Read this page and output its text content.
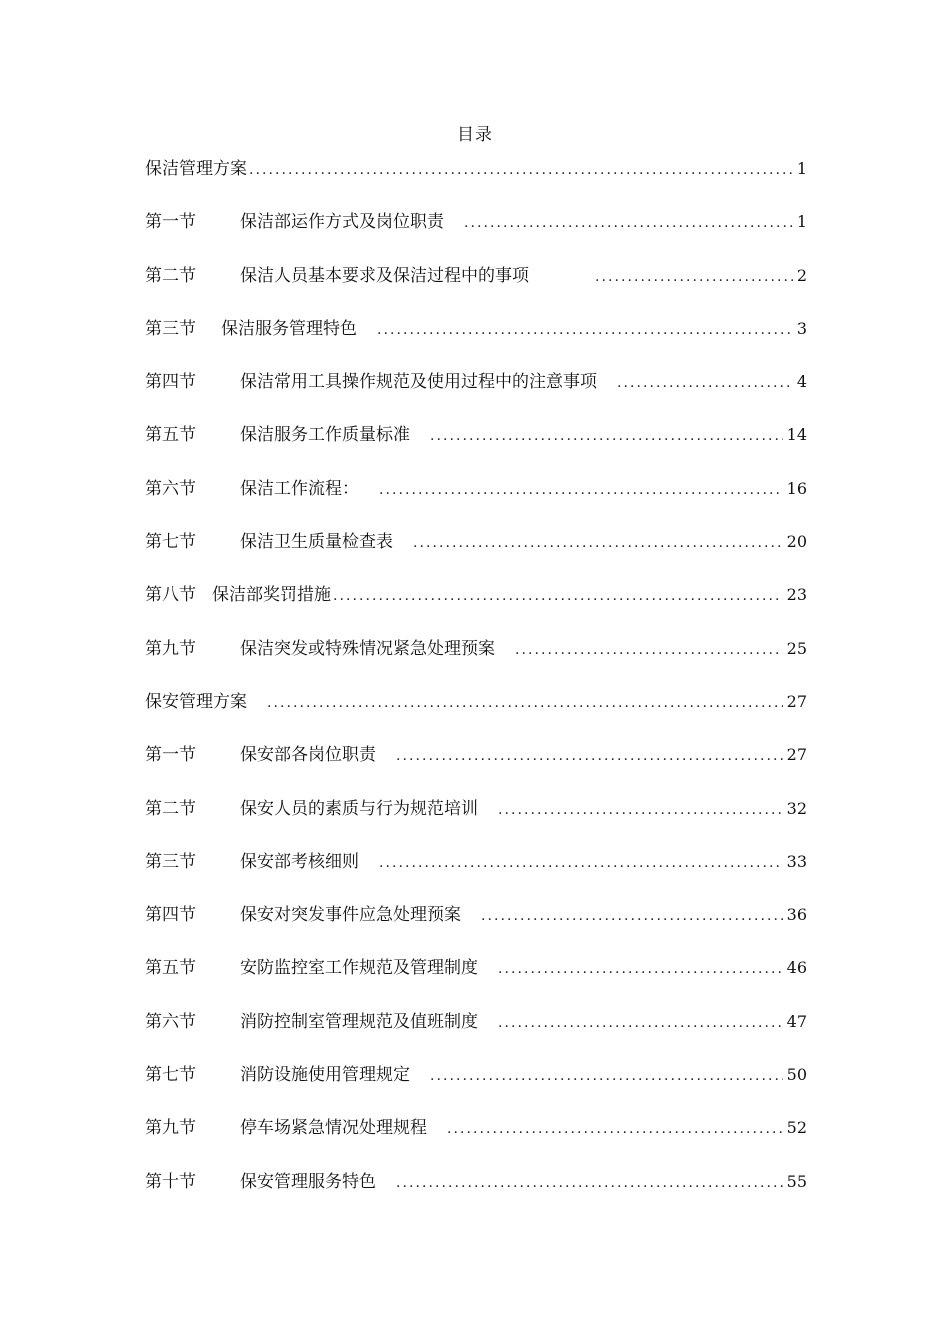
目录
保洁管理方案 . . .	1
第一节	保洁部运作方式及岗位职责 . . .	1
第二节	保洁人员基本要求及保洁过程中的事项 . . .	2
第三节	保洁服务管理特色 . . .	3
第四节	保洁常用工具操作规范及使用过程中的注意事项 . . .	4
第五节	保洁服务工作质量标准 . . .	14
第六节	保洁工作流程： . . .	16
第七节	保洁卫生质量检查表 . . .	20
第八节 保洁部奖罚措施 . . .	23
第九节	保洁突发或特殊情况紧急处理预案 . . .	25
保安管理方案 . . .	27
第一节	保安部各岗位职责 . . .	27
第二节	保安人员的素质与行为规范培训 . . .	32
第三节	保安部考核细则 . . .	33
第四节	保安对突发事件应急处理预案 . . .	36
第五节	安防监控室工作规范及管理制度 . . .	46
第六节	消防控制室管理规范及值班制度 . . .	47
第七节	消防设施使用管理规定 . . .	50
第九节	停车场紧急情况处理规程 . . .	52
第十节	保安管理服务特色 . . .	55
